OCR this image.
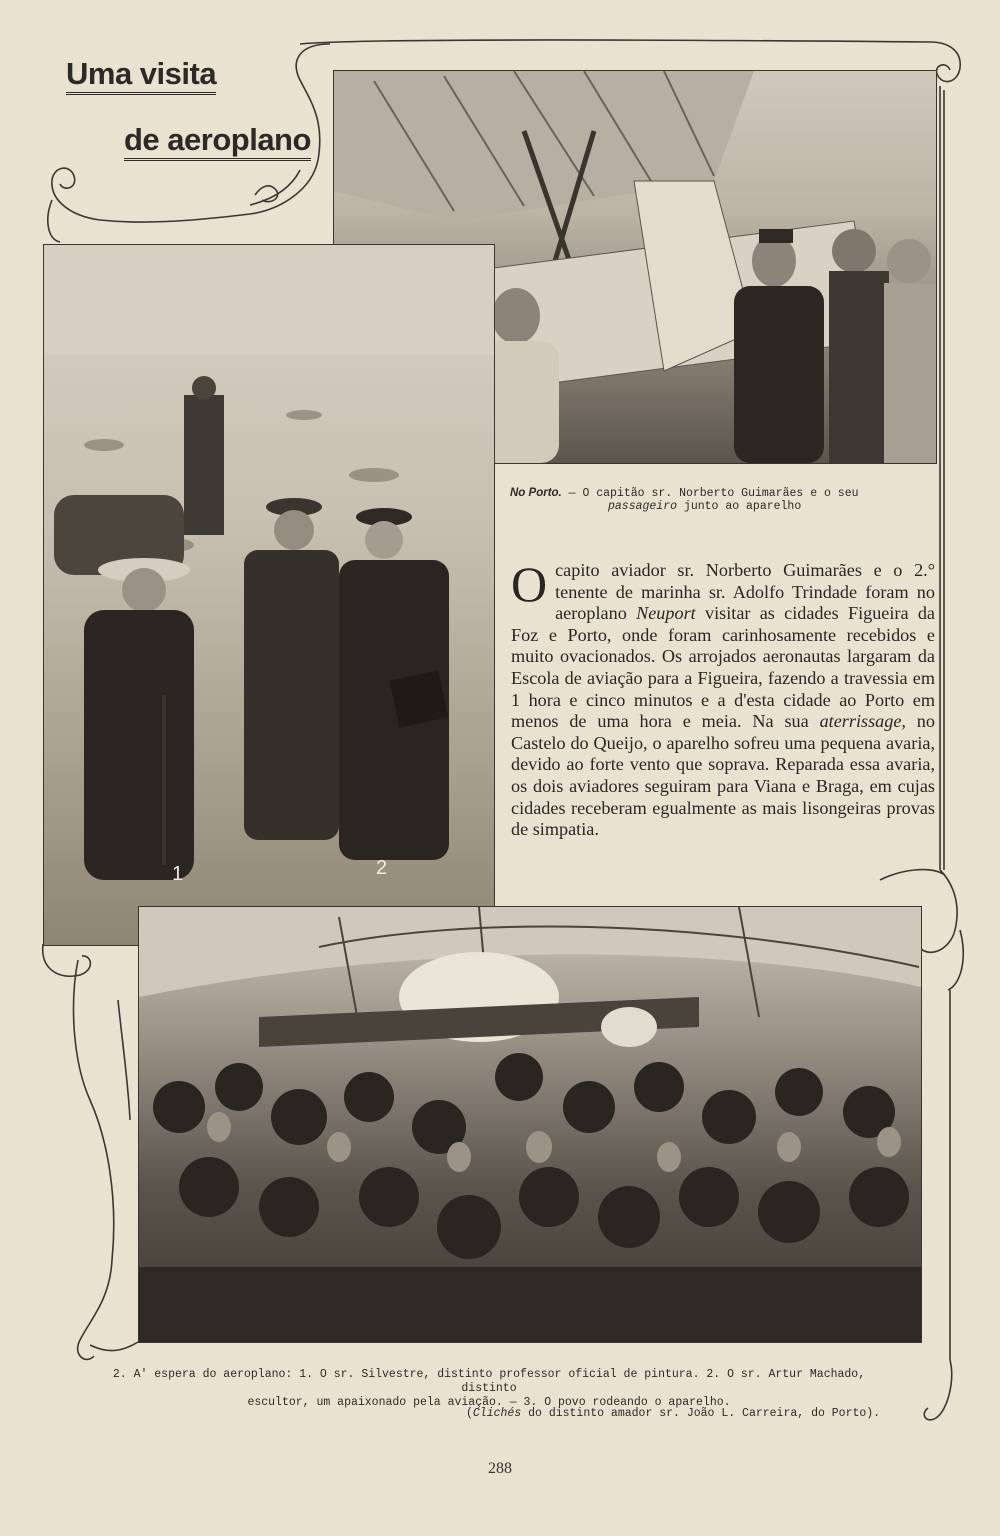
Uma visita
de aeroplano
1	2
No Porto. — O capitão sr. Norberto Guimarães e o seu
passageiro junto ao aparelho
Ocapito aviador sr. Norberto Guimarães e o 2.° tenente de marinha sr. Adolfo Trindade foram no aeroplano Neuport visitar as cidades Figueira da Foz e Porto, onde foram carinhosamente recebidos e muito ovacionados. Os arrojados aeronautas largaram da Escola de aviação para a Figueira, fazendo a travessia em 1 hora e cinco minutos e a d'esta cidade ao Porto em menos de uma hora e meia. Na sua aterrissage, no Castelo do Queijo, o aparelho sofreu uma pequena avaria, devido ao forte vento que soprava. Reparada essa avaria, os dois aviadores seguiram para Viana e Braga, em cujas cidades receberam egualmente as mais lisongeiras provas de simpatia.
2. A' espera do aeroplano: 1. O sr. Silvestre, distinto professor oficial de pintura. 2. O sr. Artur Machado, distinto
escultor, um apaixonado pela aviação. — 3. O povo rodeando o aparelho.
(Clichés do distinto amador sr. João L. Carreira, do Porto).
288
